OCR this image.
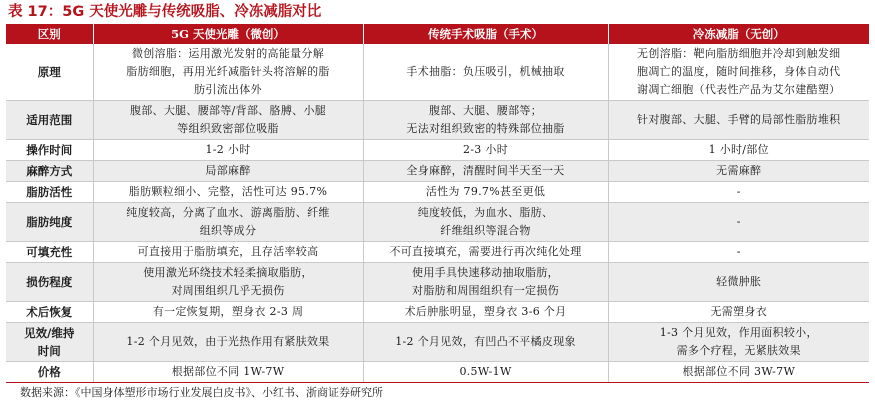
表 17：5G 天使光雕与传统吸脂、冷冻减脂对比
区别	5G 天使光雕（微创）	传统手术吸脂（手术）	冷冻减脂（无创）
原理	微创溶脂：运用激光发射的高能量分解
脂肪细胞，再用光纤减脂针头将溶解的脂
肪引流出体外	手术抽脂：负压吸引，机械抽取	无创溶脂：靶向脂肪细胞并冷却到触发细
胞凋亡的温度，随时间推移，身体自动代
谢凋亡细胞（代表性产品为艾尔建酷塑）

适用范围	腹部、大腿、腰部等/背部、胳膊、小腿
等组织致密部位吸脂	腹部、大腿、腰部等；
无法对组织致密的特殊部位抽脂	针对腹部、大腿、手臂的局部性脂肪堆积

操作时间	1-2 小时	2-3 小时	1 小时/部位

麻醉方式	局部麻醉	全身麻醉，清醒时间半天至一天	无需麻醉

脂肪活性	脂肪颗粒细小、完整，活性可达 95.7%	活性为 79.7%甚至更低	-

脂肪纯度	纯度较高，分离了血水、游离脂肪、纤维
组织等成分	纯度较低，为血水、脂肪、
纤维组织等混合物	-

可填充性	可直接用于脂肪填充，且存活率较高	不可直接填充，需要进行再次纯化处理	-

损伤程度	使用激光环绕技术轻柔摘取脂肪，
对周围组织几乎无损伤	使用手具快速移动抽取脂肪，
对脂肪和周围组织有一定损伤	轻微肿胀

术后恢复	有一定恢复期，塑身衣 2-3 周	术后肿胀明显，塑身衣 3-6 个月	无需塑身衣

见效/维持
时间	1-2 个月见效，由于光热作用有紧肤效果	1-2 个月见效，有凹凸不平橘皮现象	1-3 个月见效，作用面积较小，
需多个疗程，无紧肤效果

价格	根据部位不同 1W-7W	0.5W-1W	根据部位不同 3W-7W
数据来源：《中国身体塑形市场行业发展白皮书》、小红书、浙商证券研究所
